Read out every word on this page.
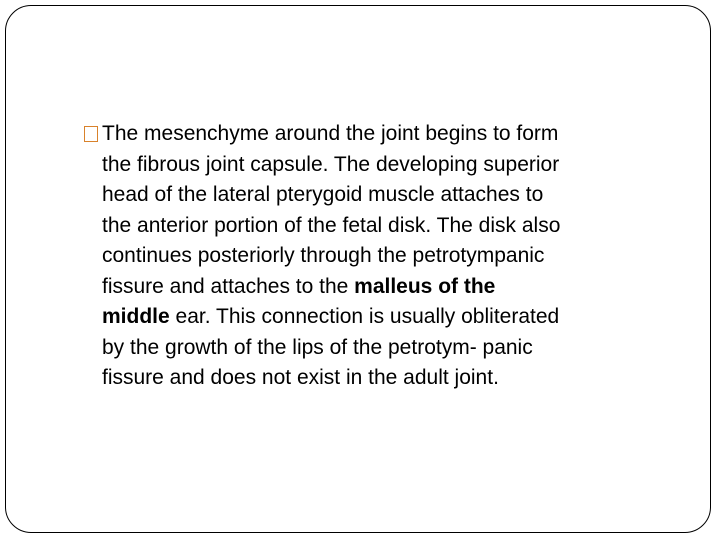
The mesenchyme around the joint begins to form
the fibrous joint capsule. The developing superior
head of the lateral pterygoid muscle attaches to
the anterior portion of the fetal disk. The disk also
continues posteriorly through the petrotympanic
fissure and attaches to the malleus of the
middle ear. This connection is usually obliterated
by the growth of the lips of the petrotym- panic
fissure and does not exist in the adult joint.
